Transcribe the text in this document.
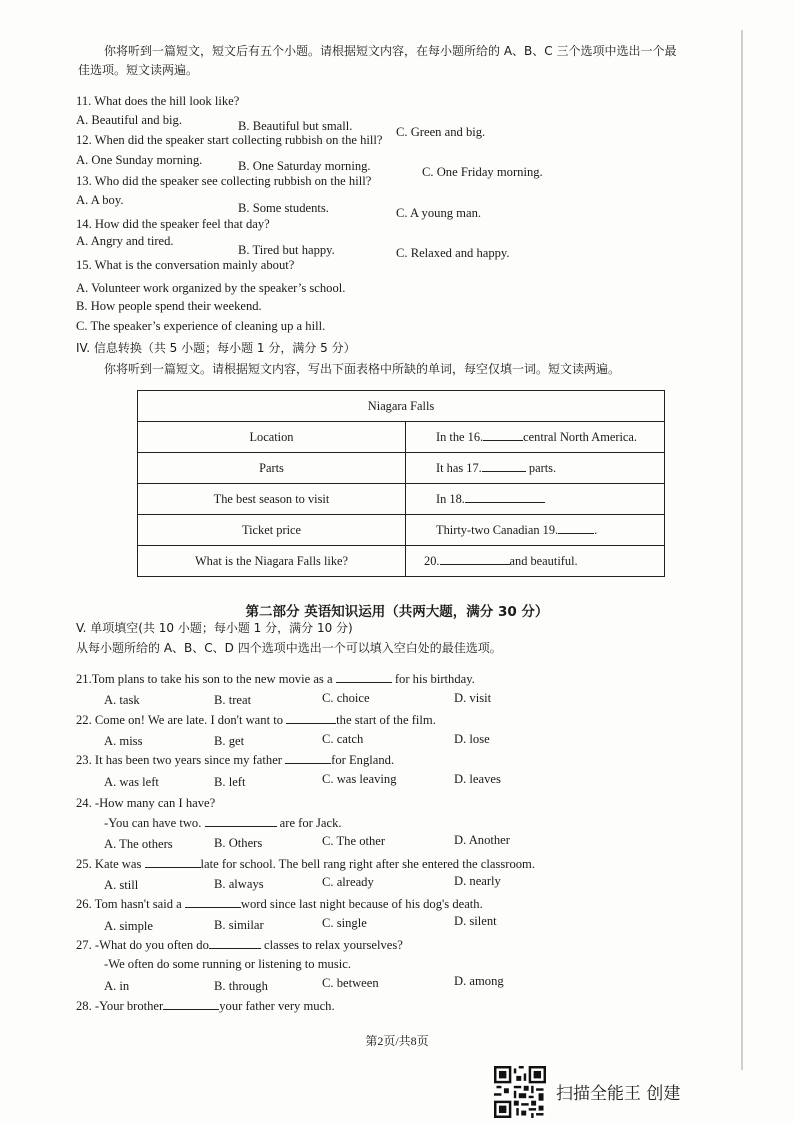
你将听到一篇短文，短文后有五个小题。请根据短文内容，在每小题所给的 A、B、C 三个选项中选出一个最
佳选项。短文读两遍。
11. What does the hill look like?
A. Beautiful and big.	B. Beautiful but small.	C. Green and big.
12. When did the speaker start collecting rubbish on the hill?
A. One Sunday morning.	B. One Saturday morning.	C. One Friday morning.
13. Who did the speaker see collecting rubbish on the hill?
A. A boy.
B. Some students.	C. A young man.
14. How did the speaker feel that day?
A. Angry and tired.
B. Tired but happy.	C. Relaxed and happy.
15. What is the conversation mainly about?
A. Volunteer work organized by the speaker’s school.
B. How people spend their weekend.
C. The speaker’s experience of cleaning up a hill.
IV. 信息转换（共 5 小题；每小题 1 分，满分 5 分）
你将听到一篇短文。请根据短文内容，写出下面表格中所缺的单词，每空仅填一词。短文读两遍。
Niagara Falls	
Location	In the 16. central North America.
Parts	It has 17. parts.
The best season to visit	In 18.
Ticket price	Thirty-two Canadian 19. .
What is the Niagara Falls like?	20. and beautiful.
第二部分 英语知识运用（共两大题，满分 30 分）
V. 单项填空(共 10 小题；每小题 1 分，满分 10 分)
从每小题所给的 A、B、C、D 四个选项中选出一个可以填入空白处的最佳选项。
21.Tom plans to take his son to the new movie as a	for his birthday.
A. task	B. treat	C. choice	D. visit
22. Come on! We are late. I don't want to	the start of the film.
A. miss	B. get	C. catch	D. lose
23. It has been two years since my father	for England.
A. was left	B. left	C. was leaving	D. leaves
24. -How many can I have?
-You can have two.	are for Jack.
A. The others	B. Others	C. The other	D. Another
25. Kate was	late for school. The bell rang right after she entered the classroom.
A. still	B. always	C. already	D. nearly
26. Tom hasn't said a	word since last night because of his dog's death.
A. simple	B. similar	C. single	D. silent
27. -What do you often do	classes to relax yourselves?
-We often do some running or listening to music.
A. in	B. through	C. between	D. among
28. -Your brother	your father very much.
第2页/共8页
扫描全能王 创建
